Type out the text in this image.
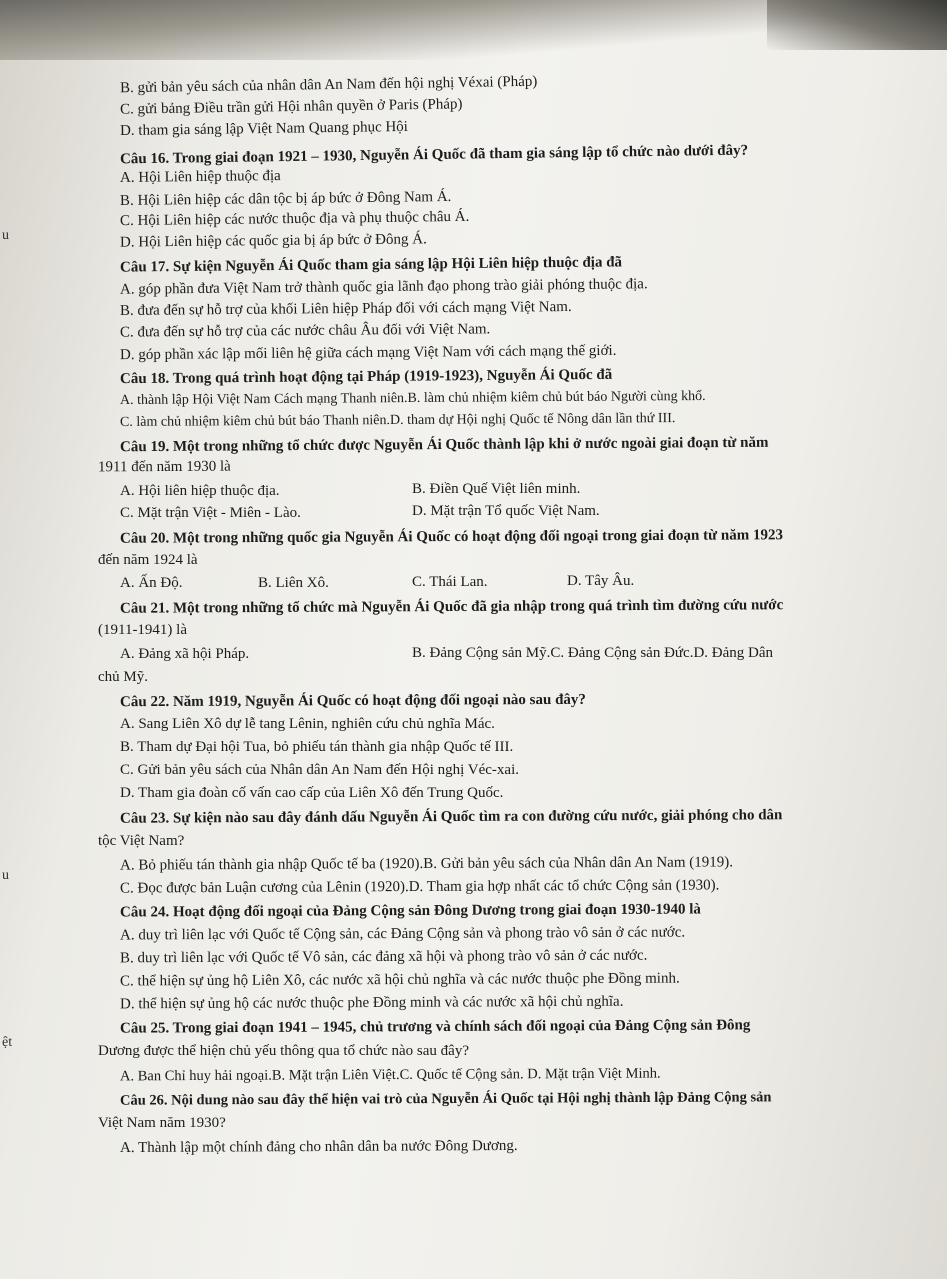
u
u
ệt
B. gửi bản yêu sách của nhân dân An Nam đến hội nghị Véxai (Pháp)
C. gửi bảng Điều trần gửi Hội nhân quyền ở Paris (Pháp)
D. tham gia sáng lập Việt Nam Quang phục Hội
Câu 16. Trong giai đoạn 1921 – 1930, Nguyễn Ái Quốc đã tham gia sáng lập tổ chức nào dưới đây?
A. Hội Liên hiệp thuộc địa
B. Hội Liên hiệp các dân tộc bị áp bức ở Đông Nam Á.
C. Hội Liên hiệp các nước thuộc địa và phụ thuộc châu Á.
D. Hội Liên hiệp các quốc gia bị áp bức ở Đông Á.
Câu 17. Sự kiện Nguyễn Ái Quốc tham gia sáng lập Hội Liên hiệp thuộc địa đã
A. góp phần đưa Việt Nam trở thành quốc gia lãnh đạo phong trào giải phóng thuộc địa.
B. đưa đến sự hỗ trợ của khối Liên hiệp Pháp đối với cách mạng Việt Nam.
C. đưa đến sự hỗ trợ của các nước châu Âu đối với Việt Nam.
D. góp phần xác lập mối liên hệ giữa cách mạng Việt Nam với cách mạng thế giới.
Câu 18. Trong quá trình hoạt động tại Pháp (1919-1923), Nguyễn Ái Quốc đã
A. thành lập Hội Việt Nam Cách mạng Thanh niên.B. làm chủ nhiệm kiêm chủ bút báo Người cùng khổ.
C. làm chủ nhiệm kiêm chủ bút báo Thanh niên.D. tham dự Hội nghị Quốc tế Nông dân lần thứ III.
Câu 19. Một trong những tổ chức được Nguyễn Ái Quốc thành lập khi ở nước ngoài giai đoạn từ năm
1911 đến năm 1930 là
A. Hội liên hiệp thuộc địa.	B. Điền Quế Việt liên minh.
C. Mặt trận Việt - Miên - Lào.	D. Mặt trận Tổ quốc Việt Nam.
Câu 20. Một trong những quốc gia Nguyễn Ái Quốc có hoạt động đối ngoại trong giai đoạn từ năm 1923
đến năm 1924 là
A. Ấn Độ.	B. Liên Xô.	C. Thái Lan.	D. Tây Âu.
Câu 21. Một trong những tổ chức mà Nguyễn Ái Quốc đã gia nhập trong quá trình tìm đường cứu nước
(1911-1941) là
A. Đảng xã hội Pháp.	B. Đảng Cộng sản Mỹ.C. Đảng Cộng sản Đức.D. Đảng Dân
chủ Mỹ.
Câu 22. Năm 1919, Nguyễn Ái Quốc có hoạt động đối ngoại nào sau đây?
A. Sang Liên Xô dự lễ tang Lênin, nghiên cứu chủ nghĩa Mác.
B. Tham dự Đại hội Tua, bỏ phiếu tán thành gia nhập Quốc tế III.
C. Gửi bản yêu sách của Nhân dân An Nam đến Hội nghị Véc-xai.
D. Tham gia đoàn cố vấn cao cấp của Liên Xô đến Trung Quốc.
Câu 23. Sự kiện nào sau đây đánh dấu Nguyễn Ái Quốc tìm ra con đường cứu nước, giải phóng cho dân
tộc Việt Nam?
A. Bỏ phiếu tán thành gia nhập Quốc tế ba (1920).B. Gửi bản yêu sách của Nhân dân An Nam (1919).
C. Đọc được bản Luận cương của Lênin (1920).D. Tham gia hợp nhất các tổ chức Cộng sản (1930).
Câu 24. Hoạt động đối ngoại của Đảng Cộng sản Đông Dương trong giai đoạn 1930-1940 là
A. duy trì liên lạc với Quốc tế Cộng sản, các Đảng Cộng sản và phong trào vô sản ở các nước.
B. duy trì liên lạc với Quốc tế Vô sản, các đảng xã hội và phong trào vô sản ở các nước.
C. thể hiện sự ủng hộ Liên Xô, các nước xã hội chủ nghĩa và các nước thuộc phe Đồng minh.
D. thể hiện sự ủng hộ các nước thuộc phe Đồng minh và các nước xã hội chủ nghĩa.
Câu 25. Trong giai đoạn 1941 – 1945, chủ trương và chính sách đối ngoại của Đảng Cộng sản Đông
Dương được thể hiện chủ yếu thông qua tổ chức nào sau đây?
A. Ban Chỉ huy hải ngoại.B. Mặt trận Liên Việt.C. Quốc tế Cộng sản. D. Mặt trận Việt Minh.
Câu 26. Nội dung nào sau đây thể hiện vai trò của Nguyễn Ái Quốc tại Hội nghị thành lập Đảng Cộng sản
Việt Nam năm 1930?
A. Thành lập một chính đảng cho nhân dân ba nước Đông Dương.
